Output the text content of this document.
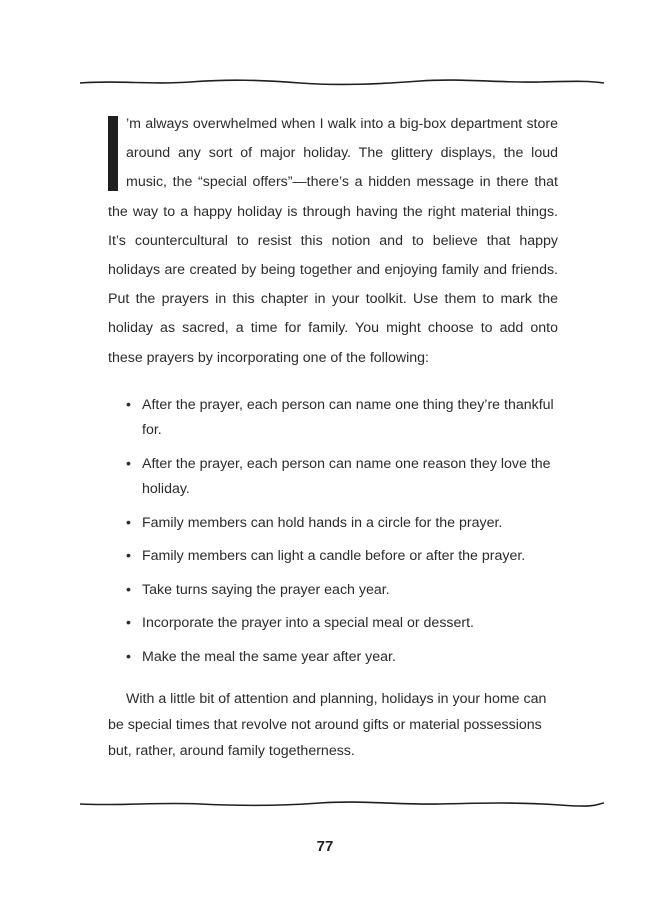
’m always overwhelmed when I walk into a big-box department store around any sort of major holiday. The glittery displays, the loud music, the “special offers”—there’s a hidden message in there that the way to a happy holiday is through having the right material things. It’s countercultural to resist this notion and to believe that happy holidays are created by being together and enjoying family and friends. Put the prayers in this chapter in your toolkit. Use them to mark the holiday as sacred, a time for family. You might choose to add onto these prayers by incorporating one of the following:

• After the prayer, each person can name one thing they’re thankful for.
• After the prayer, each person can name one reason they love the holiday.
• Family members can hold hands in a circle for the prayer.
• Family members can light a candle before or after the prayer.
• Take turns saying the prayer each year.
• Incorporate the prayer into a special meal or dessert.
• Make the meal the same year after year.

With a little bit of attention and planning, holidays in your home can be special times that revolve not around gifts or material possessions but, rather, around family togetherness.

77
